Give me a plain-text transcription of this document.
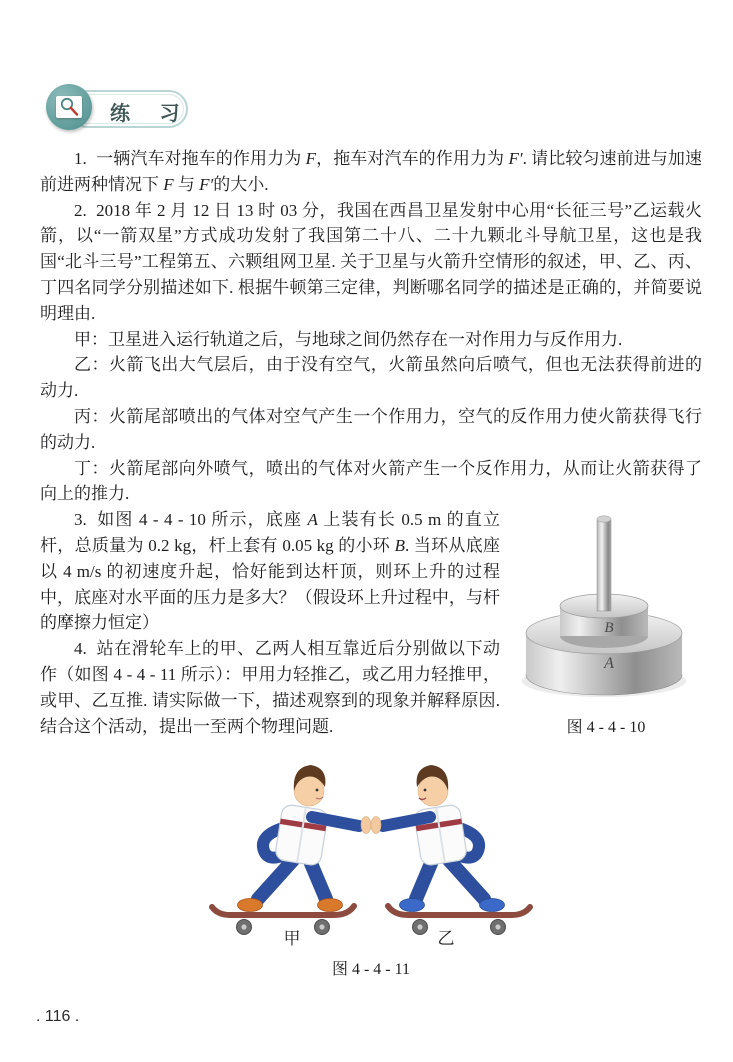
练 习

1. 一辆汽车对拖车的作用力为 F，拖车对汽车的作用力为 F′. 请比较匀速前进与加速前进两种情况下 F 与 F′的大小.

2. 2018 年 2 月 12 日 13 时 03 分，我国在西昌卫星发射中心用“长征三号”乙运载火箭，以“一箭双星”方式成功发射了我国第二十八、二十九颗北斗导航卫星，这也是我国“北斗三号”工程第五、六颗组网卫星. 关于卫星与火箭升空情形的叙述，甲、乙、丙、丁四名同学分别描述如下. 根据牛顿第三定律，判断哪名同学的描述是正确的，并简要说明理由.

甲：卫星进入运行轨道之后，与地球之间仍然存在一对作用力与反作用力.

乙：火箭飞出大气层后，由于没有空气，火箭虽然向后喷气，但也无法获得前进的动力.

丙：火箭尾部喷出的气体对空气产生一个作用力，空气的反作用力使火箭获得飞行的动力.

丁：火箭尾部向外喷气，喷出的气体对火箭产生一个反作用力，从而让火箭获得了向上的推力.

B
A
图 4 - 4 - 10

3. 如图 4 - 4 - 10 所示，底座 A 上装有长 0.5 m 的直立杆，总质量为 0.2 kg，杆上套有 0.05 kg 的小环 B. 当环从底座以 4 m/s 的初速度升起，恰好能到达杆顶，则环上升的过程中，底座对水平面的压力是多大？（假设环上升过程中，与杆的摩擦力恒定）

4. 站在滑轮车上的甲、乙两人相互靠近后分别做以下动作（如图 4 - 4 - 11 所示）：甲用力轻推乙，或乙用力轻推甲，或甲、乙互推. 请实际做一下，描述观察到的现象并解释原因. 结合这个活动，提出一至两个物理问题.

甲	乙
图 4 - 4 - 11
. 116 .
